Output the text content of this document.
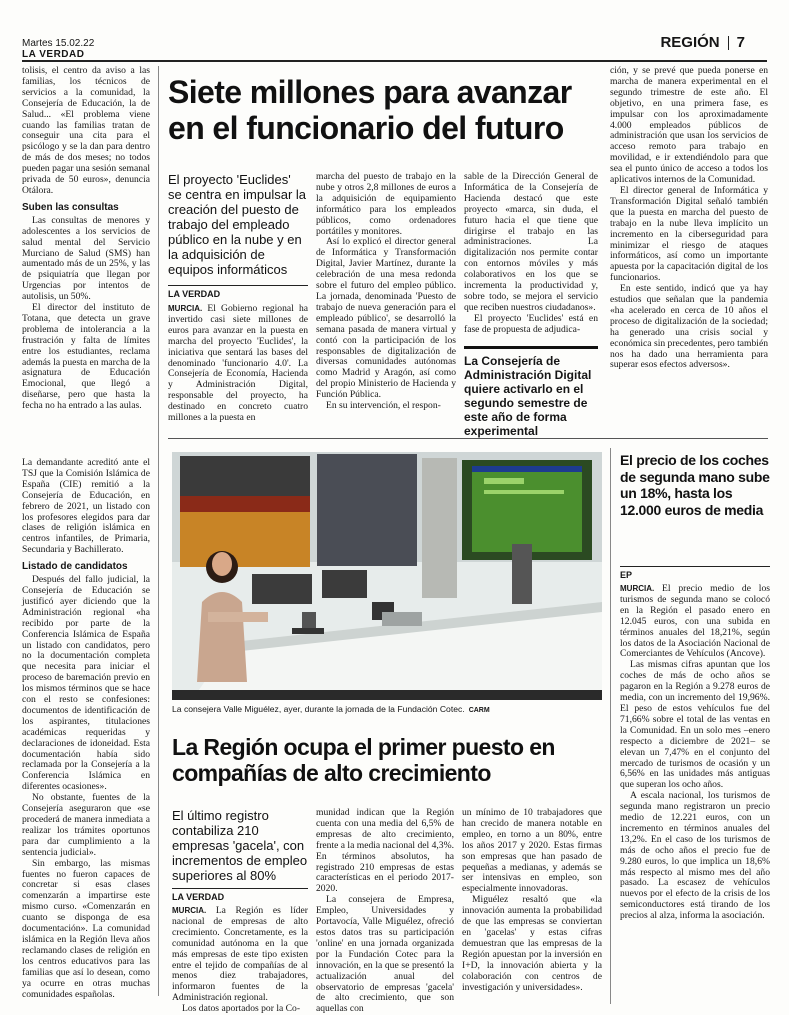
Martes 15.02.22
LA VERDAD
REGIÓN 7

tolisis, el centro da aviso a las familias, los técnicos de servicios a la comunidad, la Consejería de Educación, la de Salud... «El problema viene cuando las familias tratan de conseguir una cita para el psicólogo y se la dan para dentro de más de dos meses; no todos pueden pagar una sesión semanal privada de 50 euros», denuncia Otálora.

Suben las consultas

Las consultas de menores y adolescentes a los servicios de salud mental del Servicio Murciano de Salud (SMS) han aumentado más de un 25%, y las de psiquiatría que llegan por Urgencias por intentos de autolisis, un 50%.

El director del instituto de Totana, que detecta un grave problema de intolerancia a la frustración y falta de límites entre los estudiantes, reclama además la puesta en marcha de la asignatura de Educación Emocional, que llegó a diseñarse, pero que hasta la fecha no ha entrado a las aulas.

Siete millones para avanzar en el funcionario del futuro
El proyecto 'Euclides' se centra en impulsar la creación del puesto de trabajo del empleado público en la nube y en la adquisición de equipos informáticos
LA VERDAD

MURCIA. El Gobierno regional ha invertido casi siete millones de euros para avanzar en la puesta en marcha del proyecto 'Euclides', la iniciativa que sentará las bases del denominado 'funcionario 4.0'. La Consejería de Economía, Hacienda y Administración Digital, responsable del proyecto, ha destinado en concreto cuatro millones a la puesta en

marcha del puesto de trabajo en la nube y otros 2,8 millones de euros a la adquisición de equipamiento informático para los empleados públicos, como ordenadores portátiles y monitores.

Así lo explicó el director general de Informática y Transformación Digital, Javier Martínez, durante la celebración de una mesa redonda sobre el futuro del empleo público. La jornada, denominada 'Puesto de trabajo de nueva generación para el empleado público', se desarrolló la semana pasada de manera virtual y contó con la participación de los responsables de digitalización de diversas comunidades autónomas como Madrid y Aragón, así como del propio Ministerio de Hacienda y Función Pública.

En su intervención, el respon-

sable de la Dirección General de Informática de la Consejería de Hacienda destacó que este proyecto «marca, sin duda, el futuro hacia el que tiene que dirigirse el trabajo en las administraciones. La digitalización nos permite contar con entornos móviles y más colaborativos en los que se incrementa la productividad y, sobre todo, se mejora el servicio que reciben nuestros ciudadanos».

El proyecto 'Euclides' está en fase de propuesta de adjudica-

La Consejería de Administración Digital quiere activarlo en el segundo semestre de este año de forma experimental

ción, y se prevé que pueda ponerse en marcha de manera experimental en el segundo trimestre de este año. El objetivo, en una primera fase, es impulsar con los aproximadamente 4.000 empleados públicos de administración que usan los servicios de acceso remoto para trabajo en movilidad, e ir extendiéndolo para que sea el punto único de acceso a todos los aplicativos internos de la Comunidad.

El director general de Informática y Transformación Digital señaló también que la puesta en marcha del puesto de trabajo en la nube lleva implícito un incremento en la ciberseguridad para minimizar el riesgo de ataques informáticos, así como un importante apuesta por la capacitación digital de los funcionarios.

En este sentido, indicó que ya hay estudios que señalan que la pandemia «ha acelerado en cerca de 10 años el proceso de digitalización de la sociedad; ha generado una crisis social y económica sin precedentes, pero también nos ha dado una herramienta para superar esos efectos adversos».

La demandante acreditó ante el TSJ que la Comisión Islámica de España (CIE) remitió a la Consejería de Educación, en febrero de 2021, un listado con los profesores elegidos para dar clases de religión islámica en centros infantiles, de Primaria, Secundaria y Bachillerato.

Listado de candidatos

Después del fallo judicial, la Consejería de Educación se justificó ayer diciendo que la Administración regional «ha recibido por parte de la Conferencia Islámica de España un listado con candidatos, pero no la documentación completa que necesita para iniciar el proceso de baremación previo en los mismos términos que se hace con el resto se confesiones: documentos de identificación de los aspirantes, titulaciones académicas requeridas y declaraciones de idoneidad. Esta documentación había sido reclamada por la Consejería a la Conferencia Islámica en diferentes ocasiones».

No obstante, fuentes de la Consejería aseguraron que «se procederá de manera inmediata a realizar los trámites oportunos para dar cumplimiento a la sentencia judicial».

Sin embargo, las mismas fuentes no fueron capaces de concretar si esas clases comenzarán a impartirse este mismo curso. «Comenzarán en cuanto se disponga de esa documentación». La comunidad islámica en la Región lleva años reclamando clases de religión en los centros educativos para las familias que así lo desean, como ya ocurre en otras muchas comunidades españolas.

La consejera Valle Miguélez, ayer, durante la jornada de la Fundación Cotec. CARM
La Región ocupa el primer puesto en compañías de alto crecimiento
El último registro contabiliza 210 empresas 'gacela', con incrementos de empleo superiores al 80%
LA VERDAD

MURCIA. La Región es líder nacional de empresas de alto crecimiento. Concretamente, es la comunidad autónoma en la que más empresas de este tipo existen entre el tejido de compañías de al menos diez trabajadores, informaron fuentes de la Administración regional.

Los datos aportados por la Co-

munidad indican que la Región cuenta con una media del 6,5% de empresas de alto crecimiento, frente a la media nacional del 4,3%. En términos absolutos, ha registrado 210 empresas de estas características en el periodo 2017-2020.

La consejera de Empresa, Empleo, Universidades y Portavocía, Valle Miguélez, ofreció estos datos tras su participación 'online' en una jornada organizada por la Fundación Cotec para la innovación, en la que se presentó la actualización anual del observatorio de empresas 'gacela' de alto crecimiento, que son aquellas con

un mínimo de 10 trabajadores que han crecido de manera notable en empleo, en torno a un 80%, entre los años 2017 y 2020. Estas firmas son empresas que han pasado de pequeñas a medianas, y además se ser intensivas en empleo, son especialmente innovadoras.

Miguélez resaltó que «la innovación aumenta la probabilidad de que las empresas se conviertan en 'gacelas' y estas cifras demuestran que las empresas de la Región apuestan por la inversión en I+D, la innovación abierta y la colaboración con centros de investigación y universidades».

El precio de los coches de segunda mano sube un 18%, hasta los 12.000 euros de media
EP

MURCIA. El precio medio de los turismos de segunda mano se colocó en la Región el pasado enero en 12.045 euros, con una subida en términos anuales del 18,21%, según los datos de la Asociación Nacional de Comerciantes de Vehículos (Ancove).

Las mismas cifras apuntan que los coches de más de ocho años se pagaron en la Región a 9.278 euros de media, con un incremento del 19,96%. El peso de estos vehículos fue del 71,66% sobre el total de las ventas en la Comunidad. En un solo mes –enero respecto a diciembre de 2021– se elevan un 7,47% en el conjunto del mercado de turismos de ocasión y un 6,56% en las unidades más antiguas que superan los ocho años.

A escala nacional, los turismos de segunda mano registraron un precio medio de 12.221 euros, con un incremento en términos anuales del 13,2%. En el caso de los turismos de más de ocho años el precio fue de 9.280 euros, lo que implica un 18,6% más respecto al mismo mes del año pasado. La escasez de vehículos nuevos por el efecto de la crisis de los semiconductores está tirando de los precios al alza, informa la asociación.
